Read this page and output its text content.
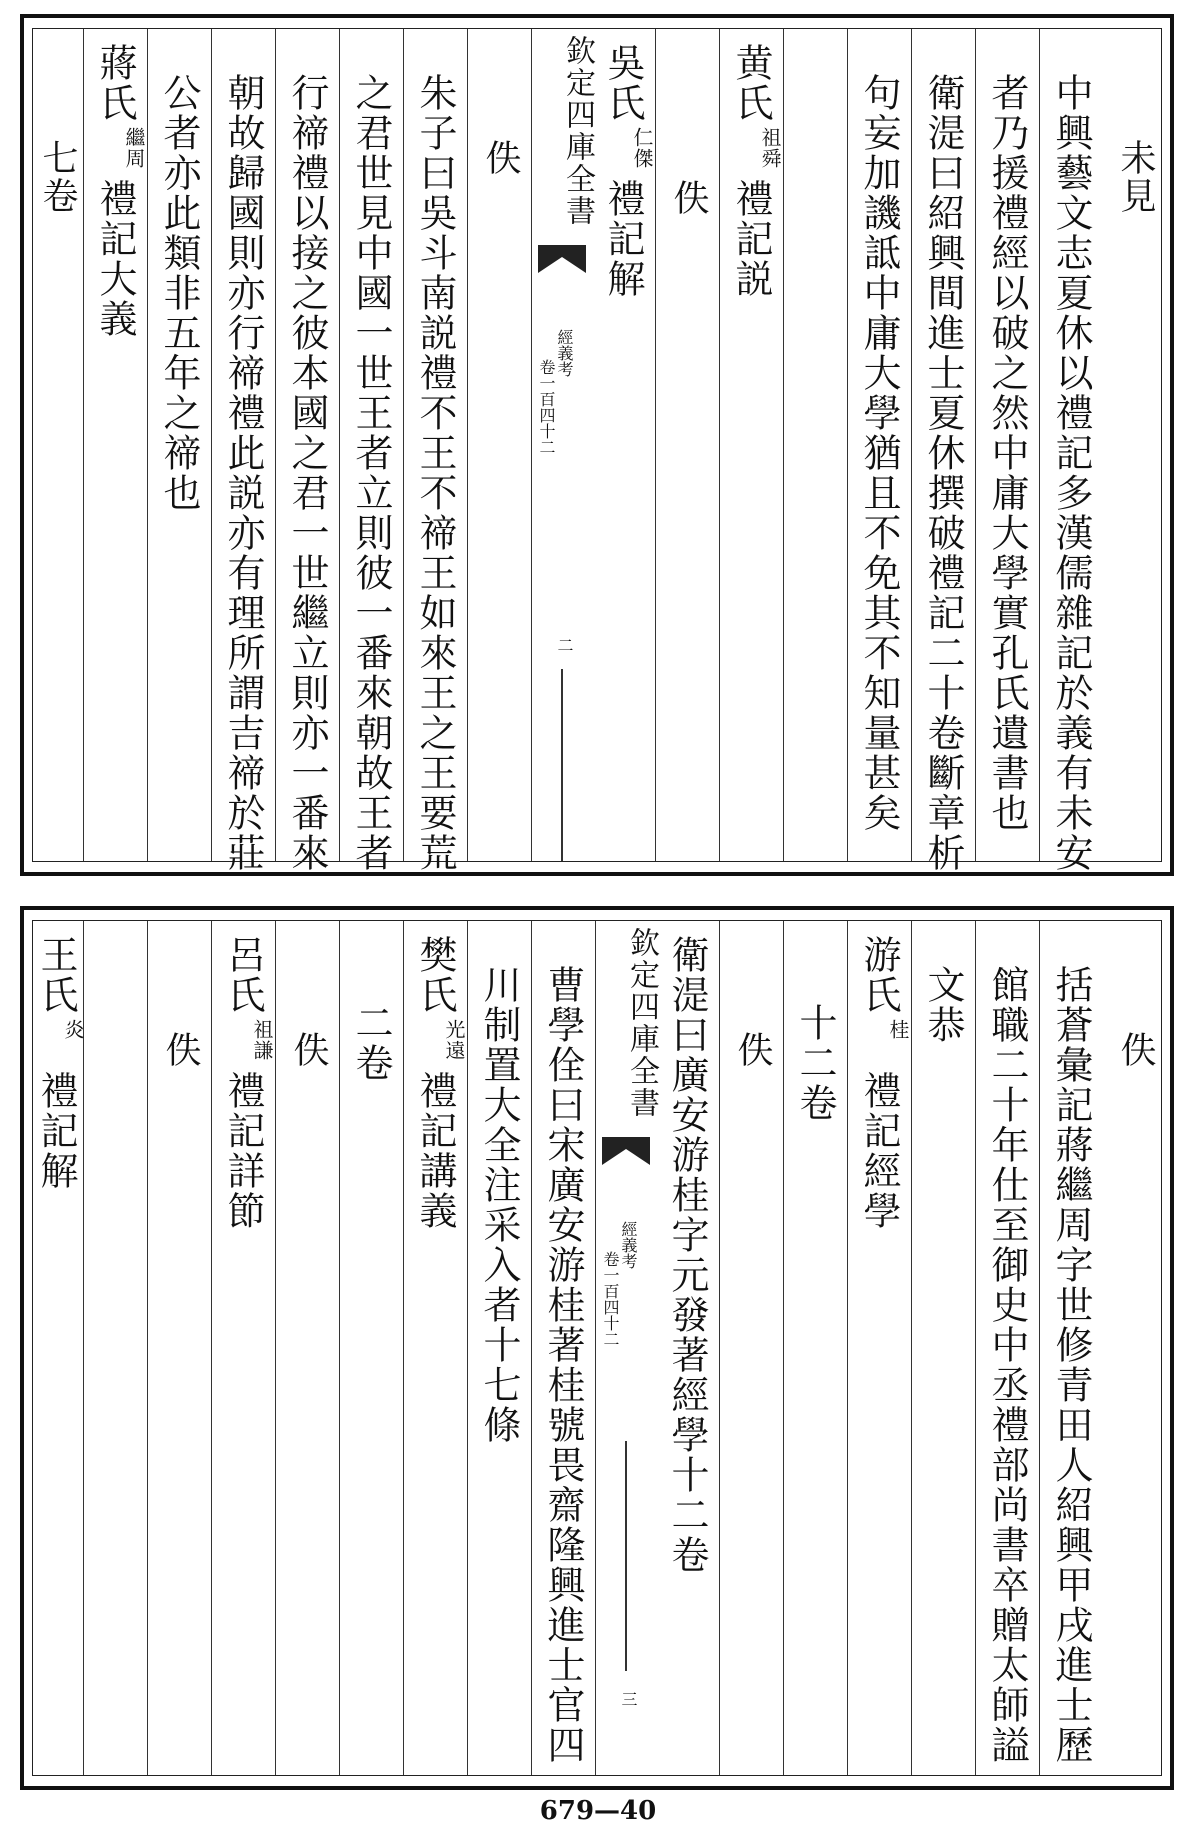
未見
中興藝文志夏休以禮記多漢儒雜記於義有未安
者乃援禮經以破之然中庸大學實孔氏遺書也
衛湜曰紹興間進士夏休撰破禮記二十卷斷章析
句妄加譏詆中庸大學猶且不免其不知量甚矣
黄氏
祖舜
禮記説
佚
吳氏
仁傑
禮記解
欽定四庫全書
經義考
卷一百四十二
二
佚
朱子曰吳斗南説禮不王不禘王如來王之王要荒
之君世見中國一世王者立則彼一番來朝故王者
行禘禮以接之彼本國之君一世繼立則亦一番來
朝故歸國則亦行禘禮此説亦有理所謂吉禘於莊
公者亦此類非五年之禘也
蔣氏
繼周
禮記大義
七卷
佚
括蒼彙記蔣繼周字世修青田人紹興甲戌進士歷
館職二十年仕至御史中丞禮部尚書卒贈太師謚
文恭
游氏
桂
禮記經學
十二卷
佚
衛湜曰廣安游桂字元發著經學十二卷
欽定四庫全書
經義考
卷一百四十二
三
曹學佺曰宋廣安游桂著桂號畏齋隆興進士官四
川制置大全注采入者十七條
樊氏
光遠
禮記講義
二卷
佚
呂氏
祖謙
禮記詳節
佚
王氏
炎
禮記解
679—40
